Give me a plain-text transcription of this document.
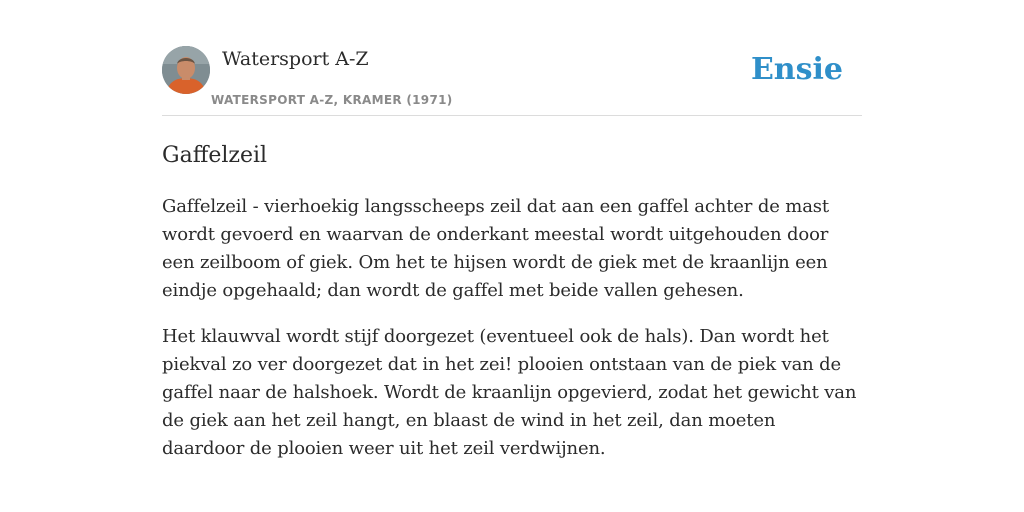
Watersport A-Z
WATERSPORT A-Z, KRAMER (1971)
Ensie
Gaffelzeil

Gaffelzeil - vierhoekig langsscheeps zeil dat aan een gaffel achter de mast wordt gevoerd en waarvan de onderkant meestal wordt uitgehouden door een zeilboom of giek. Om het te hijsen wordt de giek met de kraanlijn een eindje opgehaald; dan wordt de gaffel met beide vallen gehesen.

Het klauwval wordt stijf doorgezet (eventueel ook de hals). Dan wordt het piekval zo ver doorgezet dat in het zei! plooien ontstaan van de piek van de gaffel naar de halshoek. Wordt de kraanlijn opgevierd, zodat het gewicht van de giek aan het zeil hangt, en blaast de wind in het zeil, dan moeten daardoor de plooien weer uit het zeil verdwijnen.
